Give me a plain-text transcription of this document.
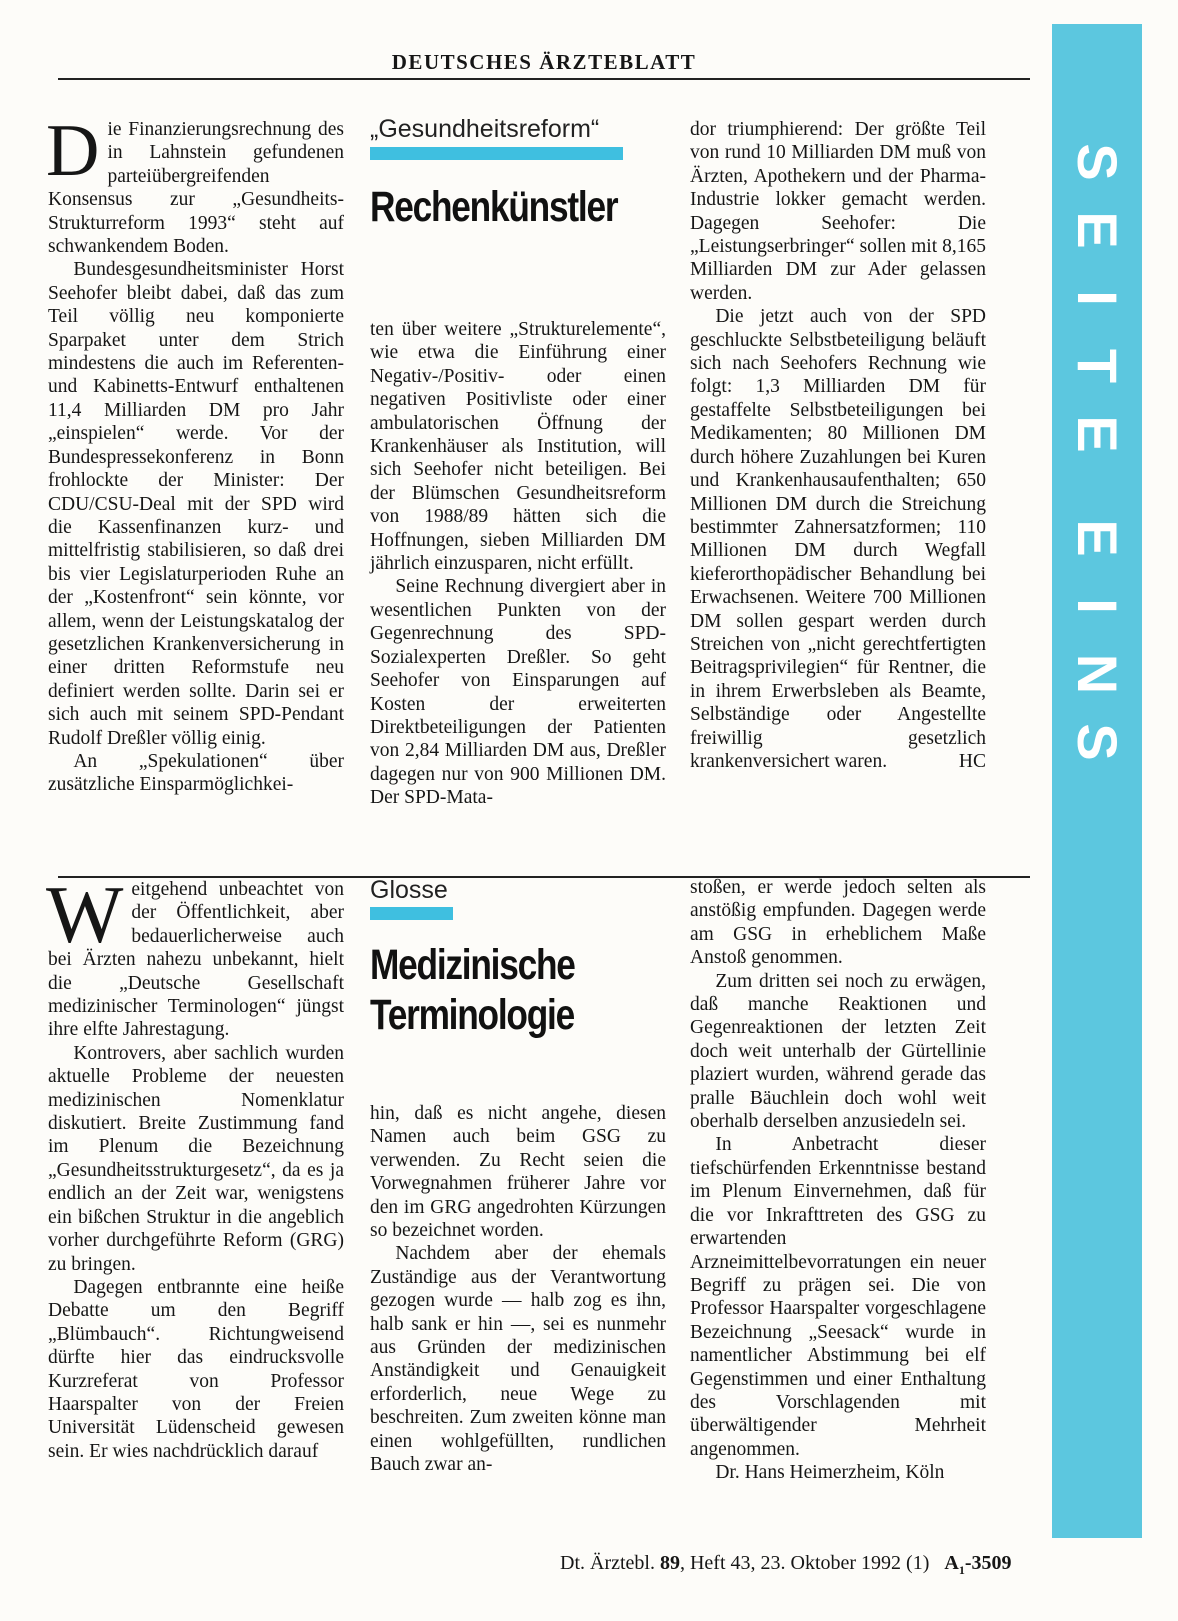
DEUTSCHES ÄRZTEBLATT
S
E
I
T
E
E
I
N
S

Die Finanzierungsrechnung des in Lahnstein gefundenen parteiübergreifenden Konsensus zur „Gesundheits-Strukturreform 1993“ steht auf schwankendem Boden.

Bundesgesundheitsminister Horst Seehofer bleibt dabei, daß das zum Teil völlig neu komponierte Sparpaket unter dem Strich mindestens die auch im Referenten- und Kabinetts-Entwurf enthaltenen 11,4 Milliarden DM pro Jahr „einspielen“ werde. Vor der Bundespressekonferenz in Bonn frohlockte der Minister: Der CDU/CSU-Deal mit der SPD wird die Kassenfinanzen kurz- und mittelfristig stabilisieren, so daß drei bis vier Legislaturperioden Ruhe an der „Kostenfront“ sein könnte, vor allem, wenn der Leistungskatalog der gesetzlichen Krankenversicherung in einer dritten Reformstufe neu definiert werden sollte. Darin sei er sich auch mit seinem SPD-Pendant Rudolf Dreßler völlig einig.

An „Spekulationen“ über zusätzliche Einsparmöglichkei-

„Gesundheitsreform“
Rechenkünstler

ten über weitere „Strukturelemente“, wie etwa die Einführung einer Negativ-/Positiv- oder einen negativen Positivliste oder einer ambulatorischen Öffnung der Krankenhäuser als Institution, will sich Seehofer nicht beteiligen. Bei der Blümschen Gesundheitsreform von 1988/89 hätten sich die Hoffnungen, sieben Milliarden DM jährlich einzusparen, nicht erfüllt.

Seine Rechnung divergiert aber in wesentlichen Punkten von der Gegenrechnung des SPD-Sozialexperten Dreßler. So geht Seehofer von Einsparungen auf Kosten der erweiterten Direktbeteiligungen der Patienten von 2,84 Milliarden DM aus, Dreßler dagegen nur von 900 Millionen DM. Der SPD-Mata-

dor triumphierend: Der größte Teil von rund 10 Milliarden DM muß von Ärzten, Apothekern und der Pharma-Industrie lokker gemacht werden. Dagegen Seehofer: Die „Leistungserbringer“ sollen mit 8,165 Milliarden DM zur Ader gelassen werden.

Die jetzt auch von der SPD geschluckte Selbstbeteiligung beläuft sich nach Seehofers Rechnung wie folgt: 1,3 Milliarden DM für gestaffelte Selbstbeteiligungen bei Medikamenten; 80 Millionen DM durch höhere Zuzahlungen bei Kuren und Krankenhausaufenthalten; 650 Millionen DM durch die Streichung bestimmter Zahnersatzformen; 110 Millionen DM durch Wegfall kieferorthopädischer Behandlung bei Erwachsenen. Weitere 700 Millionen DM sollen gespart werden durch Streichen von „nicht gerechtfertigten Beitragsprivilegien“ für Rentner, die in ihrem Erwerbsleben als Beamte, Selbständige oder Angestellte freiwillig gesetzlich krankenversichert waren.	HC

Weitgehend unbeachtet von der Öffentlichkeit, aber bedauerlicherweise auch bei Ärzten nahezu unbekannt, hielt die „Deutsche Gesellschaft medizinischer Terminologen“ jüngst ihre elfte Jahrestagung.

Kontrovers, aber sachlich wurden aktuelle Probleme der neuesten medizinischen Nomenklatur diskutiert. Breite Zustimmung fand im Plenum die Bezeichnung „Gesundheitsstrukturgesetz“, da es ja endlich an der Zeit war, wenigstens ein bißchen Struktur in die angeblich vorher durchgeführte Reform (GRG) zu bringen.

Dagegen entbrannte eine heiße Debatte um den Begriff „Blümbauch“. Richtungweisend dürfte hier das eindrucksvolle Kurzreferat von Professor Haarspalter von der Freien Universität Lüdenscheid gewesen sein. Er wies nachdrücklich darauf

Glosse
Medizinische
Terminologie

hin, daß es nicht angehe, diesen Namen auch beim GSG zu verwenden. Zu Recht seien die Vorwegnahmen früherer Jahre vor den im GRG angedrohten Kürzungen so bezeichnet worden.

Nachdem aber der ehemals Zuständige aus der Verantwortung gezogen wurde — halb zog es ihn, halb sank er hin —, sei es nunmehr aus Gründen der medizinischen Anständigkeit und Genauigkeit erforderlich, neue Wege zu beschreiten. Zum zweiten könne man einen wohlgefüllten, rundlichen Bauch zwar an-

stoßen, er werde jedoch selten als anstößig empfunden. Dagegen werde am GSG in erheblichem Maße Anstoß genommen.

Zum dritten sei noch zu erwägen, daß manche Reaktionen und Gegenreaktionen der letzten Zeit doch weit unterhalb der Gürtellinie plaziert wurden, während gerade das pralle Bäuchlein doch wohl weit oberhalb derselben anzusiedeln sei.

In Anbetracht dieser tiefschürfenden Erkenntnisse bestand im Plenum Einvernehmen, daß für die vor Inkrafttreten des GSG zu erwartenden Arzneimittelbevorratungen ein neuer Begriff zu prägen sei. Die von Professor Haarspalter vorgeschlagene Bezeichnung „Seesack“ wurde in namentlicher Abstimmung bei elf Gegenstimmen und einer Enthaltung des Vorschlagenden mit überwältigender Mehrheit angenommen.

Dr. Hans Heimerzheim, Köln

Dt. Ärztebl. 89, Heft 43, 23. Oktober 1992 (1) $A_1-3509$
